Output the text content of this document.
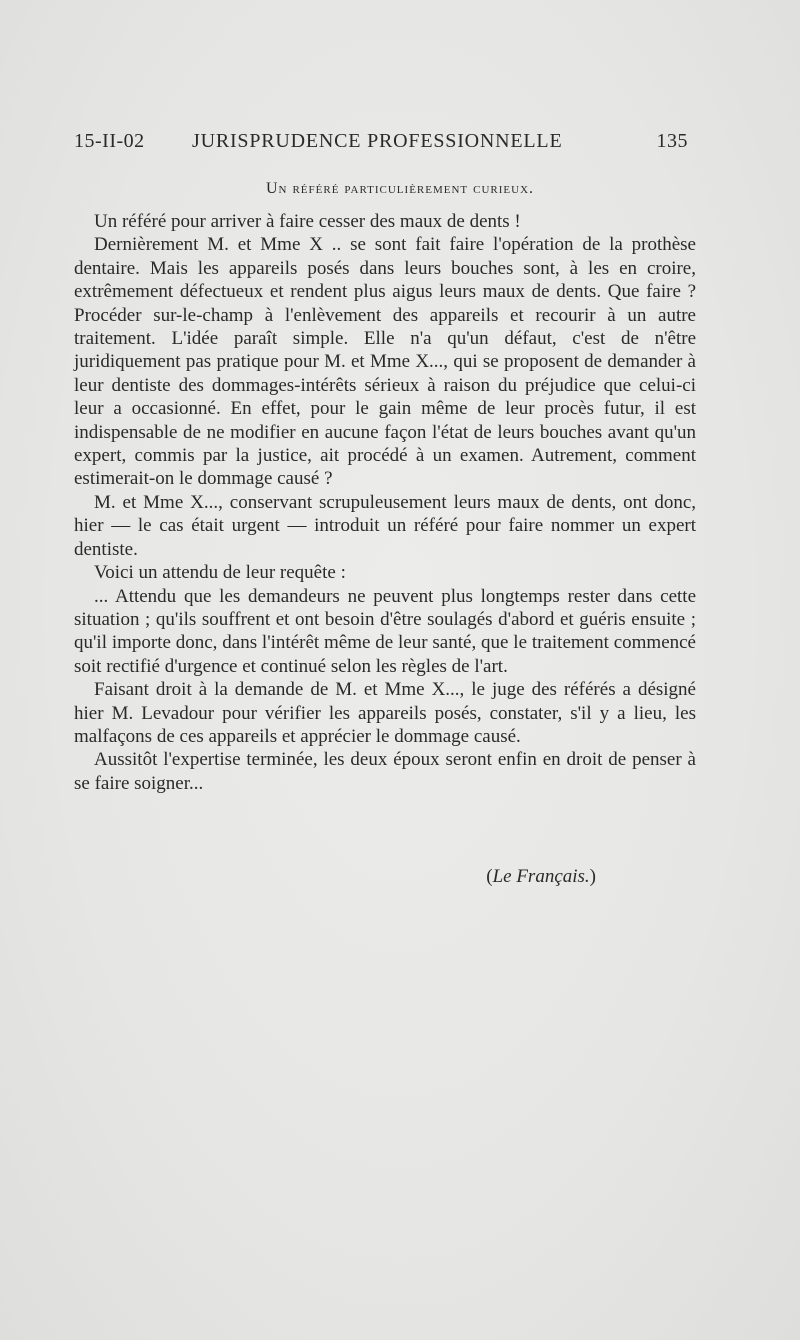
15-II-02 JURISPRUDENCE PROFESSIONNELLE	135
Un référé particulièrement curieux.

Un référé pour arriver à faire cesser des maux de dents !

Dernièrement M. et Mme X .. se sont fait faire l'opération de la prothèse dentaire. Mais les appareils posés dans leurs bouches sont, à les en croire, extrêmement défectueux et rendent plus aigus leurs maux de dents. Que faire ? Procéder sur-le-champ à l'enlèvement des appareils et recourir à un autre traitement. L'idée paraît simple. Elle n'a qu'un défaut, c'est de n'être juridiquement pas pratique pour M. et Mme X..., qui se proposent de demander à leur dentiste des dommages-intérêts sérieux à raison du préjudice que celui-ci leur a occasionné. En effet, pour le gain même de leur procès futur, il est indispensable de ne modifier en aucune façon l'état de leurs bouches avant qu'un expert, commis par la justice, ait procédé à un examen. Autrement, comment estimerait-on le dommage causé ?

M. et Mme X..., conservant scrupuleusement leurs maux de dents, ont donc, hier — le cas était urgent — introduit un référé pour faire nommer un expert dentiste.

Voici un attendu de leur requête :

... Attendu que les demandeurs ne peuvent plus longtemps rester dans cette situation ; qu'ils souffrent et ont besoin d'être soulagés d'abord et guéris ensuite ; qu'il importe donc, dans l'intérêt même de leur santé, que le traitement commencé soit rectifié d'urgence et continué selon les règles de l'art.

Faisant droit à la demande de M. et Mme X..., le juge des référés a désigné hier M. Levadour pour vérifier les appareils posés, constater, s'il y a lieu, les malfaçons de ces appareils et apprécier le dommage causé.

Aussitôt l'expertise terminée, les deux époux seront enfin en droit de penser à se faire soigner...

(Le Français.)
